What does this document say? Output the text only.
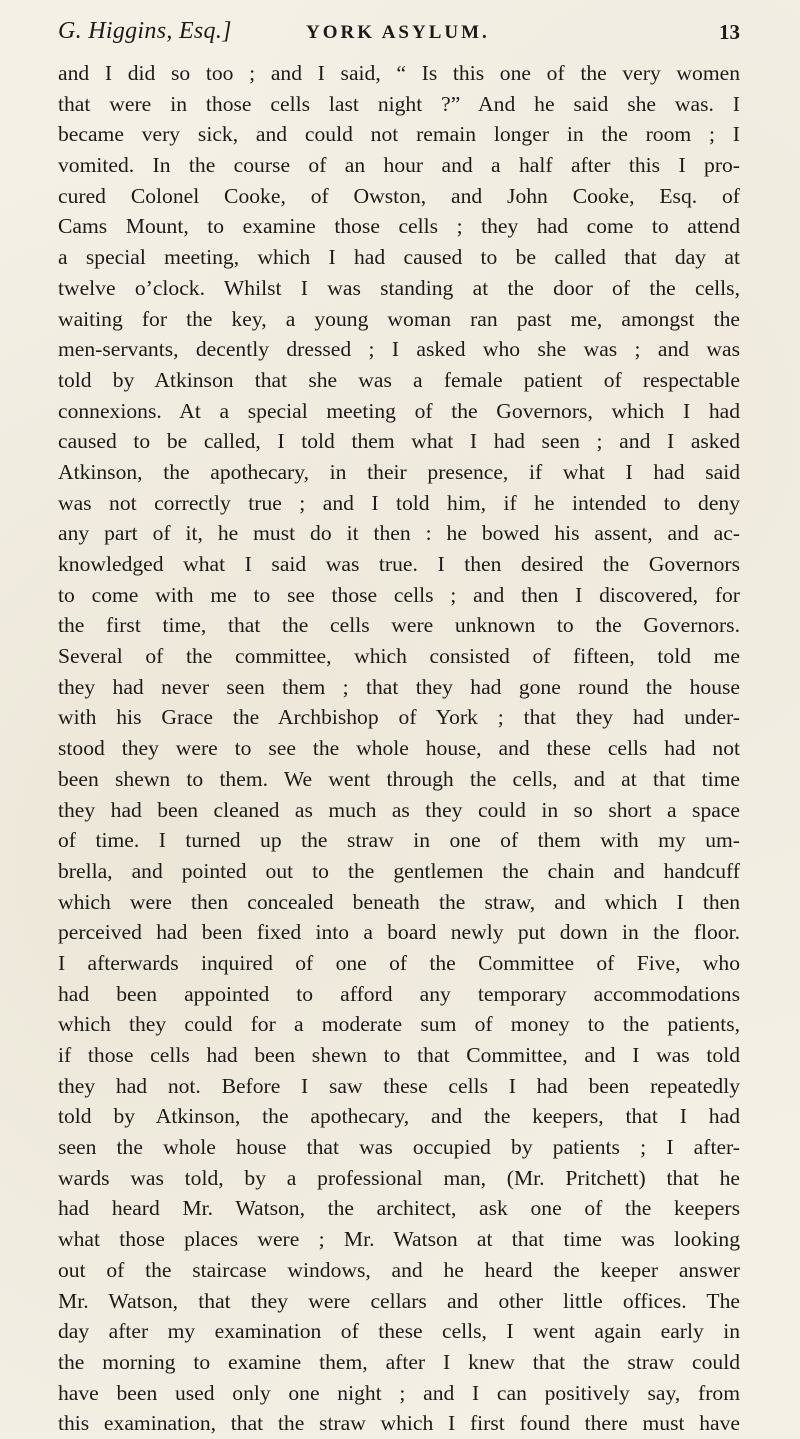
G. Higgins, Esq.]	YORK ASYLUM.	13
and I did so too ; and I said, “ Is this one of the very women
that were in those cells last night ?” And he said she was. I
became very sick, and could not remain longer in the room ; I
vomited. In the course of an hour and a half after this I pro-
cured Colonel Cooke, of Owston, and John Cooke, Esq. of
Cams Mount, to examine those cells ; they had come to attend
a special meeting, which I had caused to be called that day at
twelve o’clock. Whilst I was standing at the door of the cells,
waiting for the key, a young woman ran past me, amongst the
men-servants, decently dressed ; I asked who she was ; and was
told by Atkinson that she was a female patient of respectable
connexions. At a special meeting of the Governors, which I had
caused to be called, I told them what I had seen ; and I asked
Atkinson, the apothecary, in their presence, if what I had said
was not correctly true ; and I told him, if he intended to deny
any part of it, he must do it then : he bowed his assent, and ac-
knowledged what I said was true. I then desired the Governors
to come with me to see those cells ; and then I discovered, for
the first time, that the cells were unknown to the Governors.
Several of the committee, which consisted of fifteen, told me
they had never seen them ; that they had gone round the house
with his Grace the Archbishop of York ; that they had under-
stood they were to see the whole house, and these cells had not
been shewn to them. We went through the cells, and at that time
they had been cleaned as much as they could in so short a space
of time. I turned up the straw in one of them with my um-
brella, and pointed out to the gentlemen the chain and handcuff
which were then concealed beneath the straw, and which I then
perceived had been fixed into a board newly put down in the floor.
I afterwards inquired of one of the Committee of Five, who
had been appointed to afford any temporary accommodations
which they could for a moderate sum of money to the patients,
if those cells had been shewn to that Committee, and I was told
they had not. Before I saw these cells I had been repeatedly
told by Atkinson, the apothecary, and the keepers, that I had
seen the whole house that was occupied by patients ; I after-
wards was told, by a professional man, (Mr. Pritchett) that he
had heard Mr. Watson, the architect, ask one of the keepers
what those places were ; Mr. Watson at that time was looking
out of the staircase windows, and he heard the keeper answer
Mr. Watson, that they were cellars and other little offices. The
day after my examination of these cells, I went again early in
the morning to examine them, after I knew that the straw could
have been used only one night ; and I can positively say, from
this examination, that the straw which I first found there must have
